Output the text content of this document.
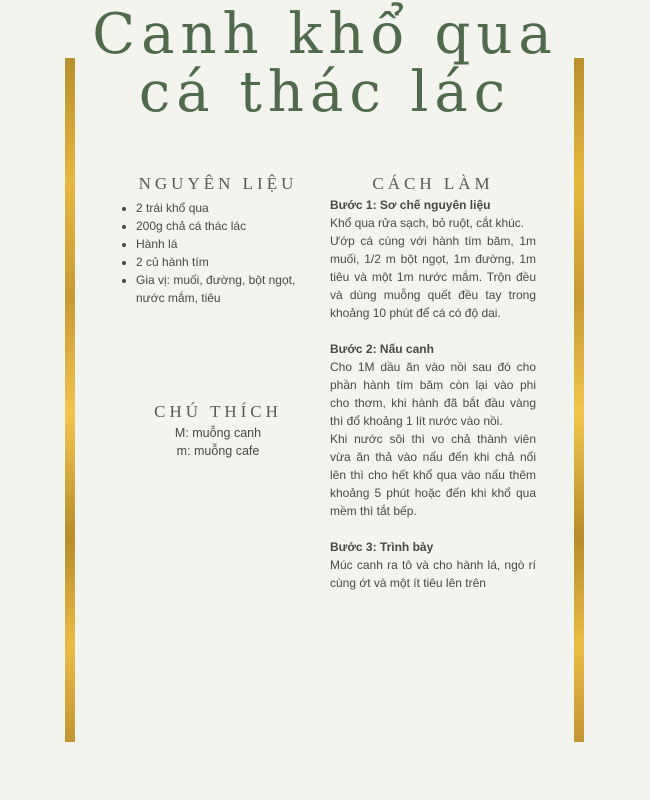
Canh khổ qua
cá thác lác
NGUYÊN LIỆU
• 2 trái khổ qua
• 200g chả cá thác lác
• Hành lá
• 2 củ hành tím
• Gia vị: muối, đường, bột ngọt, nước mắm, tiêu
CHÚ THÍCH
M: muỗng canh
m: muỗng cafe
CÁCH LÀM
Bước 1: Sơ chế nguyên liệu

Khổ qua rửa sạch, bỏ ruột, cắt khúc.

Ướp cá cùng với hành tím băm, 1m muối, 1/2 m bột ngọt, 1m đường, 1m tiêu và một 1m nước mắm. Trộn đều và dùng muỗng quết đều tay trong khoảng 10 phút để cá có độ dai.

Bước 2: Nấu canh

Cho 1M dầu ăn vào nồi sau đó cho phần hành tím băm còn lại vào phi cho thơm, khi hành đã bắt đầu vàng thì đổ khoảng 1 lít nước vào nồi.

Khi nước sôi thì vo chả thành viên vừa ăn thả vào nấu đến khi chả nổi lên thì cho hết khổ qua vào nấu thêm khoảng 5 phút hoặc đến khi khổ qua mềm thì tắt bếp.

Bước 3: Trình bày

Múc canh ra tô và cho hành lá, ngò rí cùng ớt và một ít tiêu lên trên
